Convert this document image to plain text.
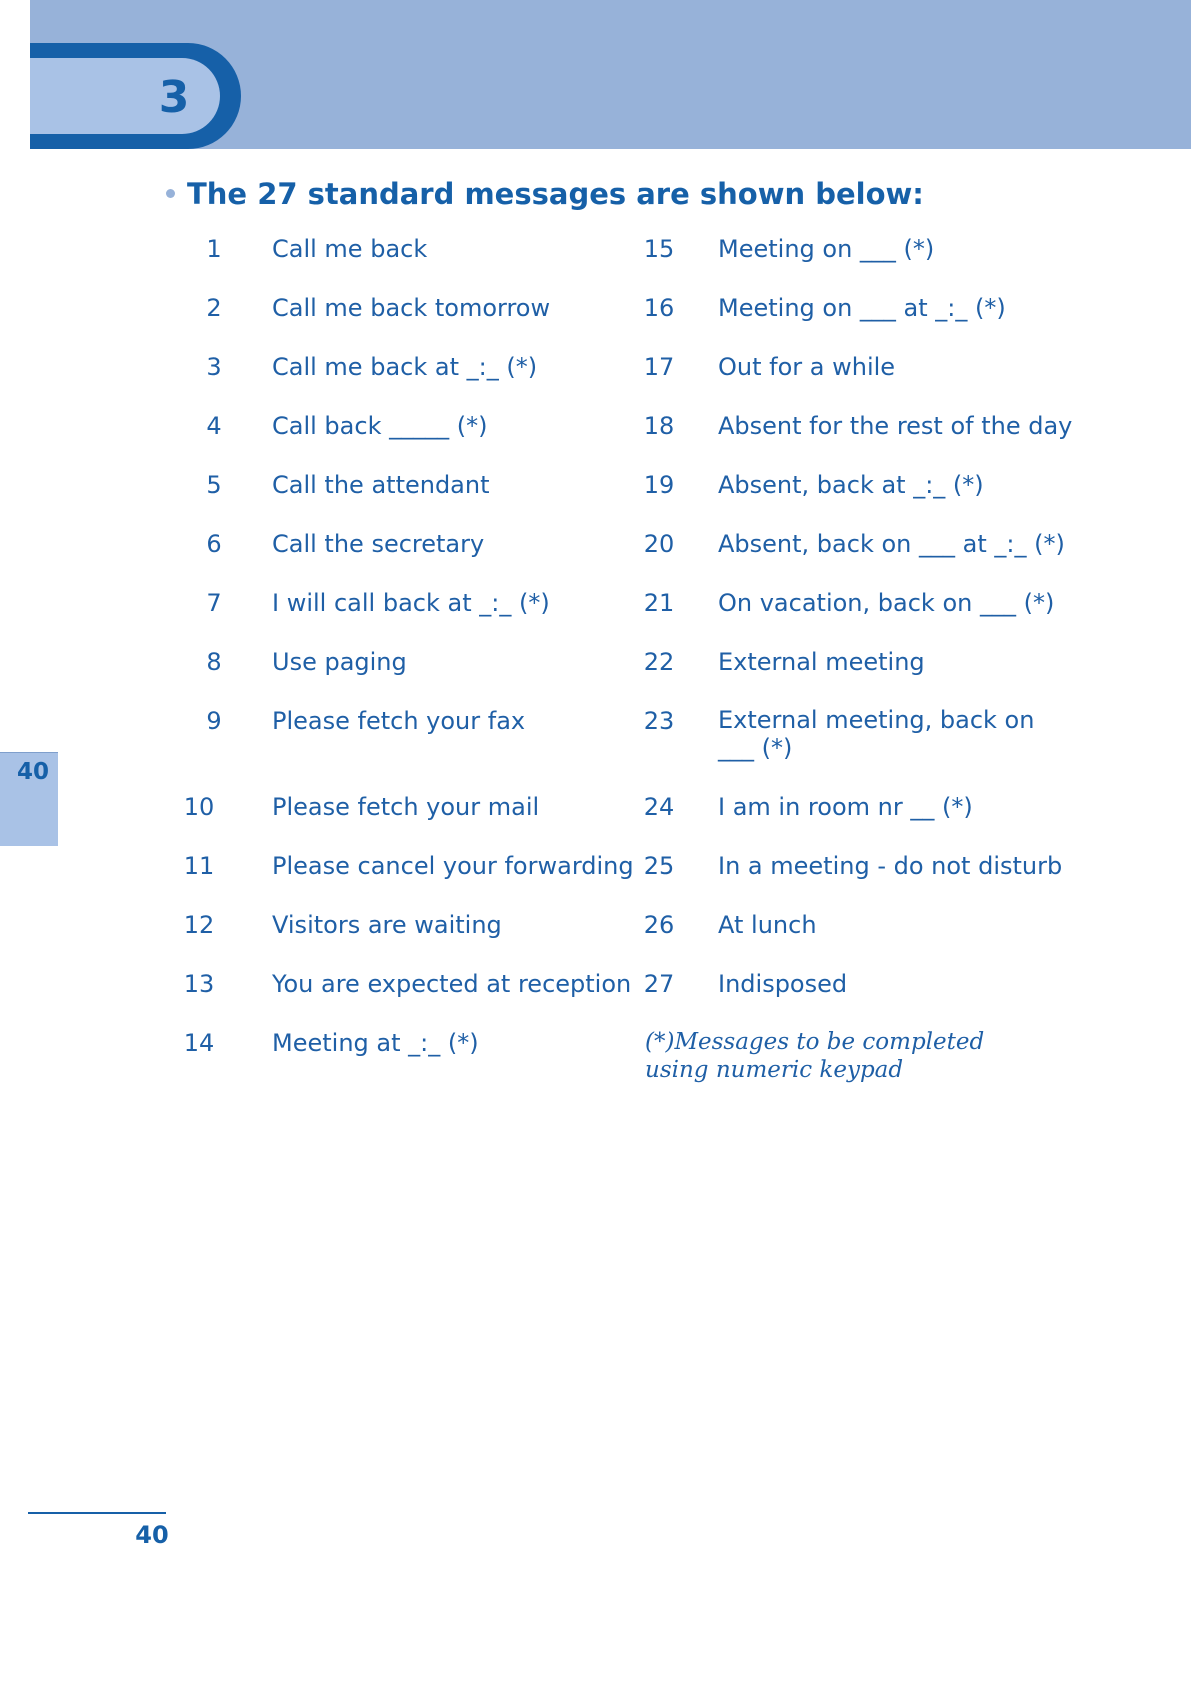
3
The 27 standard messages are shown below:
1	Call me back
2	Call me back tomorrow
3	Call me back at _:_ (*)
4	Call back _____ (*)
5	Call the attendant
6	Call the secretary
7	I will call back at _:_ (*)
8	Use paging
9	Please fetch your fax
10	Please fetch your mail
11	Please cancel your forwarding
12	Visitors are waiting
13	You are expected at reception
14	Meeting at _:_ (*)
15	Meeting on ___ (*)
16	Meeting on ___ at _:_ (*)
17	Out for a while
18	Absent for the rest of the day
19	Absent, back at _:_ (*)
20	Absent, back on ___ at _:_ (*)
21	On vacation, back on ___ (*)
22	External meeting
23	External meeting, back on ___ (*)
24	I am in room nr __ (*)
25	In a meeting - do not disturb
26	At lunch
27	Indisposed
(*)Messages to be completed using numeric keypad
40
40
